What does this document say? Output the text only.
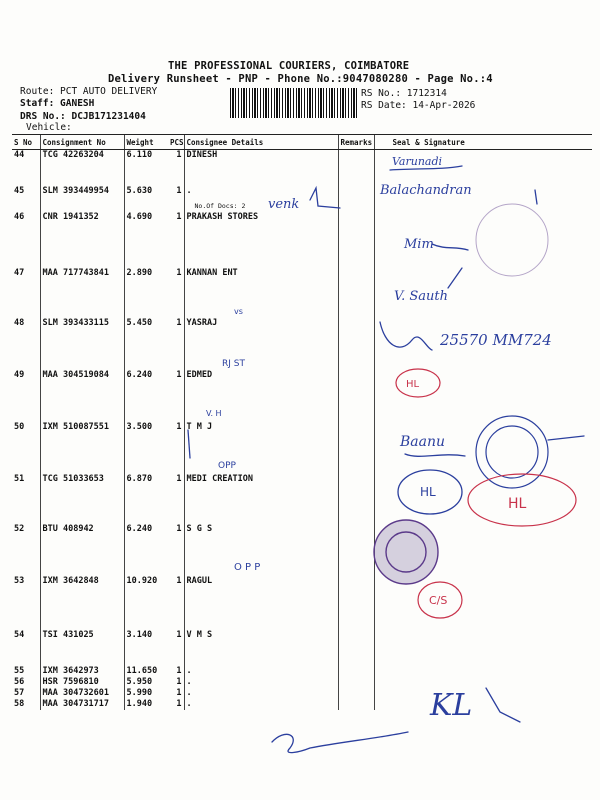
THE PROFESSIONAL COURIERS, COIMBATORE
Delivery Runsheet - PNP - Phone No.:9047080280 - Page No.:4
Route: PCT AUTO DELIVERY
Staff: GANESH
DRS No.: DCJB171231404
Vehicle:
RS No.: 1712314
RS Date: 14-Apr-2026
S No	Consignment No	Weight	PCS	Consignee Details	Remarks	Seal & Signature
44	TCG 42263204	6.110	1	DINESH		
45	SLM 393449954	5.630	1	.
No.Of Docs: 2		

46	CNR 1941352	4.690	1	PRAKASH STORES		
47	MAA 717743841	2.890	1	KANNAN ENT		
48	SLM 393433115	5.450	1	YASRAJ		
49	MAA 304519084	6.240	1	EDMED		
50	IXM 510087551	3.500	1	T M J		
51	TCG 51033653	6.870	1	MEDI CREATION		
52	BTU 408942	6.240	1	S G S		
53	IXM 3642848	10.920	1	RAGUL		
54	TSI 431025	3.140	1	V M S		
55	IXM 3642973	11.650	1	.		
56	HSR 7596810	5.950	1	.		
57	MAA 304732601	5.990	1	.		
58	MAA 304731717	1.940	1	.		
Varunadi
venk
Balachandran
Mim
V. Sauth
vs
25570 MM724
RJ ST
V. H
Baanu
OPP
O P P
KL
HL
HL
HL
C/S
